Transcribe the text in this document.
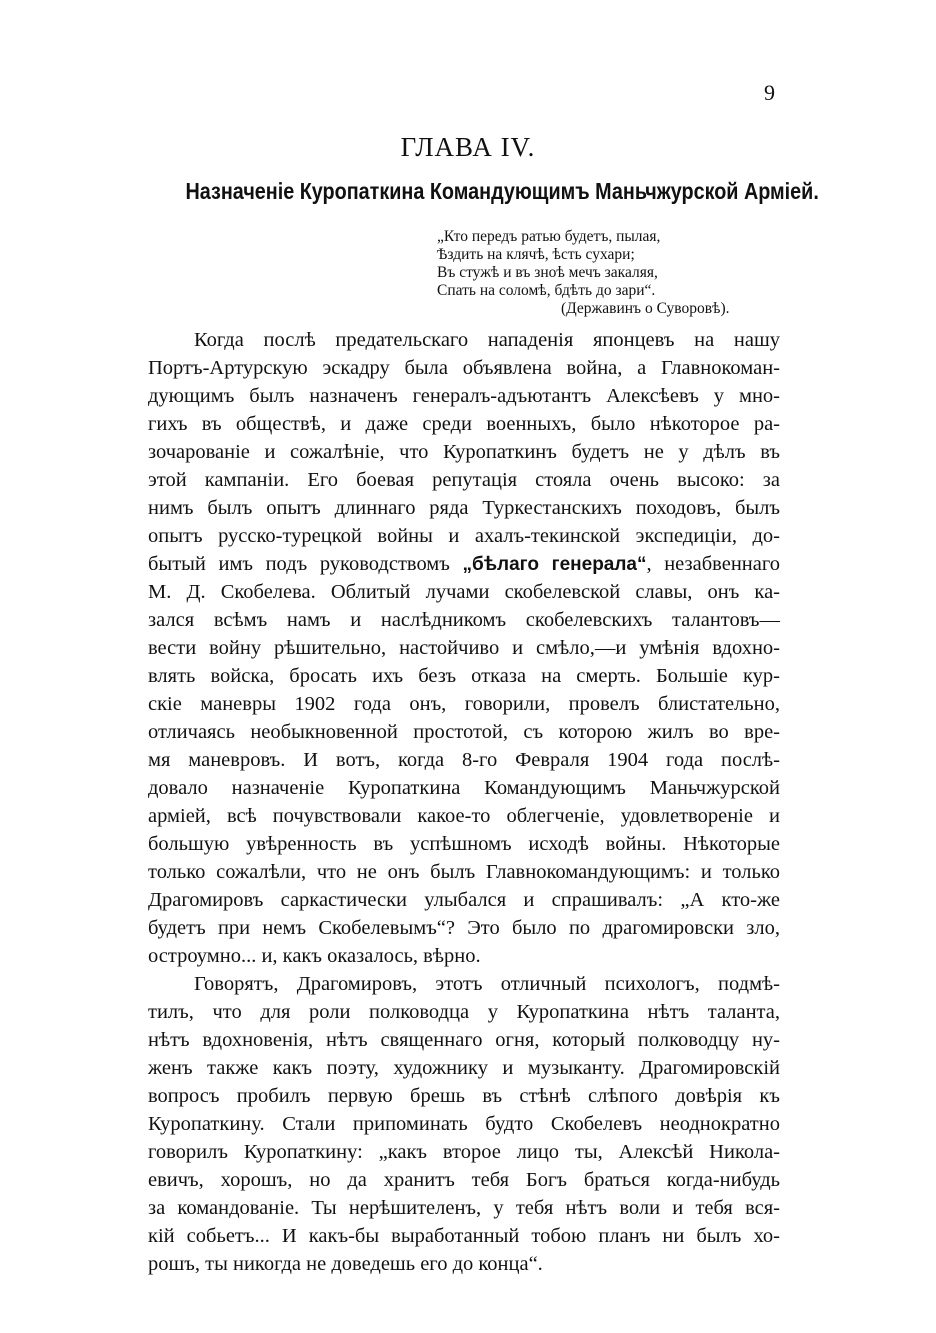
9
ГЛАВА IV.
Назначеніе Куропаткина Командующимъ Маньчжурской Арміей.
„Кто передъ ратью будетъ, пылая,
Ѣздить на клячѣ, ѣсть сухари;
Въ стужѣ и въ зноѣ мечъ закаляя,
Спать на соломѣ, бдѣть до зари“.
(Державинъ о Суворовѣ).
Когда послѣ предательскаго нападенія японцевъ на нашу
Портъ-Артурскую эскадру была объявлена война, а Главнокоман-
дующимъ былъ назначенъ генералъ-адъютантъ Алексѣевъ у мно-
гихъ въ обществѣ, и даже среди военныхъ, было нѣкоторое ра-
зочарованіе и сожалѣніе, что Куропаткинъ будетъ не у дѣлъ въ
этой кампаніи. Его боевая репутація стояла очень высоко: за
нимъ былъ опытъ длиннаго ряда Туркестанскихъ походовъ, былъ
опытъ русско-турецкой войны и ахалъ-текинской экспедиціи, до-
бытый имъ подъ руководствомъ „бѣлаго генерала“, незабвеннаго
М. Д. Скобелева. Облитый лучами скобелевской славы, онъ ка-
зался всѣмъ намъ и наслѣдникомъ скобелевскихъ талантовъ—
вести войну рѣшительно, настойчиво и смѣло,—и умѣнія вдохно-
влять войска, бросать ихъ безъ отказа на смерть. Большіе кур-
скіе маневры 1902 года онъ, говорили, провелъ блистательно,
отличаясь необыкновенной простотой, съ которою жилъ во вре-
мя маневровъ. И вотъ, когда 8-го Февраля 1904 года послѣ-
довало назначеніе Куропаткина Командующимъ Маньчжурской
арміей, всѣ почувствовали какое-то облегченіе, удовлетвореніе и
большую увѣренность въ успѣшномъ исходѣ войны. Нѣкоторые
только сожалѣли, что не онъ былъ Главнокомандующимъ: и только
Драгомировъ саркастически улыбался и спрашивалъ: „А кто-же
будетъ при немъ Скобелевымъ“? Это было по драгомировски зло,
остроумно... и, какъ оказалось, вѣрно.
Говорятъ, Драгомировъ, этотъ отличный психологъ, подмѣ-
тилъ, что для роли полководца у Куропаткина нѣтъ таланта,
нѣтъ вдохновенія, нѣтъ священнаго огня, который полководцу ну-
женъ также какъ поэту, художнику и музыканту. Драгомировскій
вопросъ пробилъ первую брешь въ стѣнѣ слѣпого довѣрія къ
Куропаткину. Стали припоминать будто Скобелевъ неоднократно
говорилъ Куропаткину: „какъ второе лицо ты, Алексѣй Никола-
евичъ, хорошъ, но да хранитъ тебя Богъ браться когда-нибудь
за командованіе. Ты нерѣшителенъ, у тебя нѣтъ воли и тебя вся-
кій собьетъ... И какъ-бы выработанный тобою планъ ни былъ хо-
рошъ, ты никогда не доведешь его до конца“.
